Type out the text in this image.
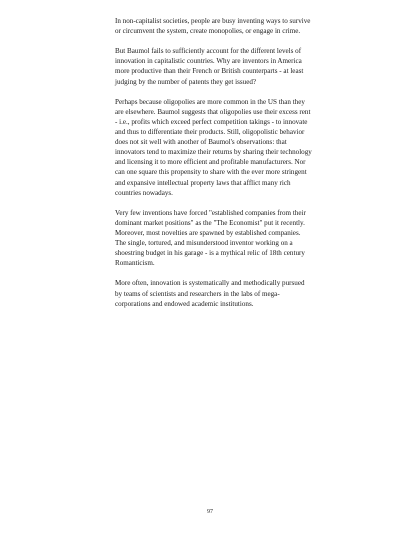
In non-capitalist societies, people are busy inventing ways to survive or circumvent the system, create monopolies, or engage in crime.

But Baumol fails to sufficiently account for the different levels of innovation in capitalistic countries. Why are inventors in America more productive than their French or British counterparts - at least judging by the number of patents they get issued?

Perhaps because oligopolies are more common in the US than they are elsewhere. Baumol suggests that oligopolies use their excess rent - i.e., profits which exceed perfect competition takings - to innovate and thus to differentiate their products. Still, oligopolistic behavior does not sit well with another of Baumol's observations: that innovators tend to maximize their returns by sharing their technology and licensing it to more efficient and profitable manufacturers. Nor can one square this propensity to share with the ever more stringent and expansive intellectual property laws that afflict many rich countries nowadays.

Very few inventions have forced "established companies from their dominant market positions" as the "The Economist" put it recently. Moreover, most novelties are spawned by established companies. The single, tortured, and misunderstood inventor working on a shoestring budget in his garage - is a mythical relic of 18th century Romanticism.

More often, innovation is systematically and methodically pursued by teams of scientists and researchers in the labs of mega-corporations and endowed academic institutions.

97
